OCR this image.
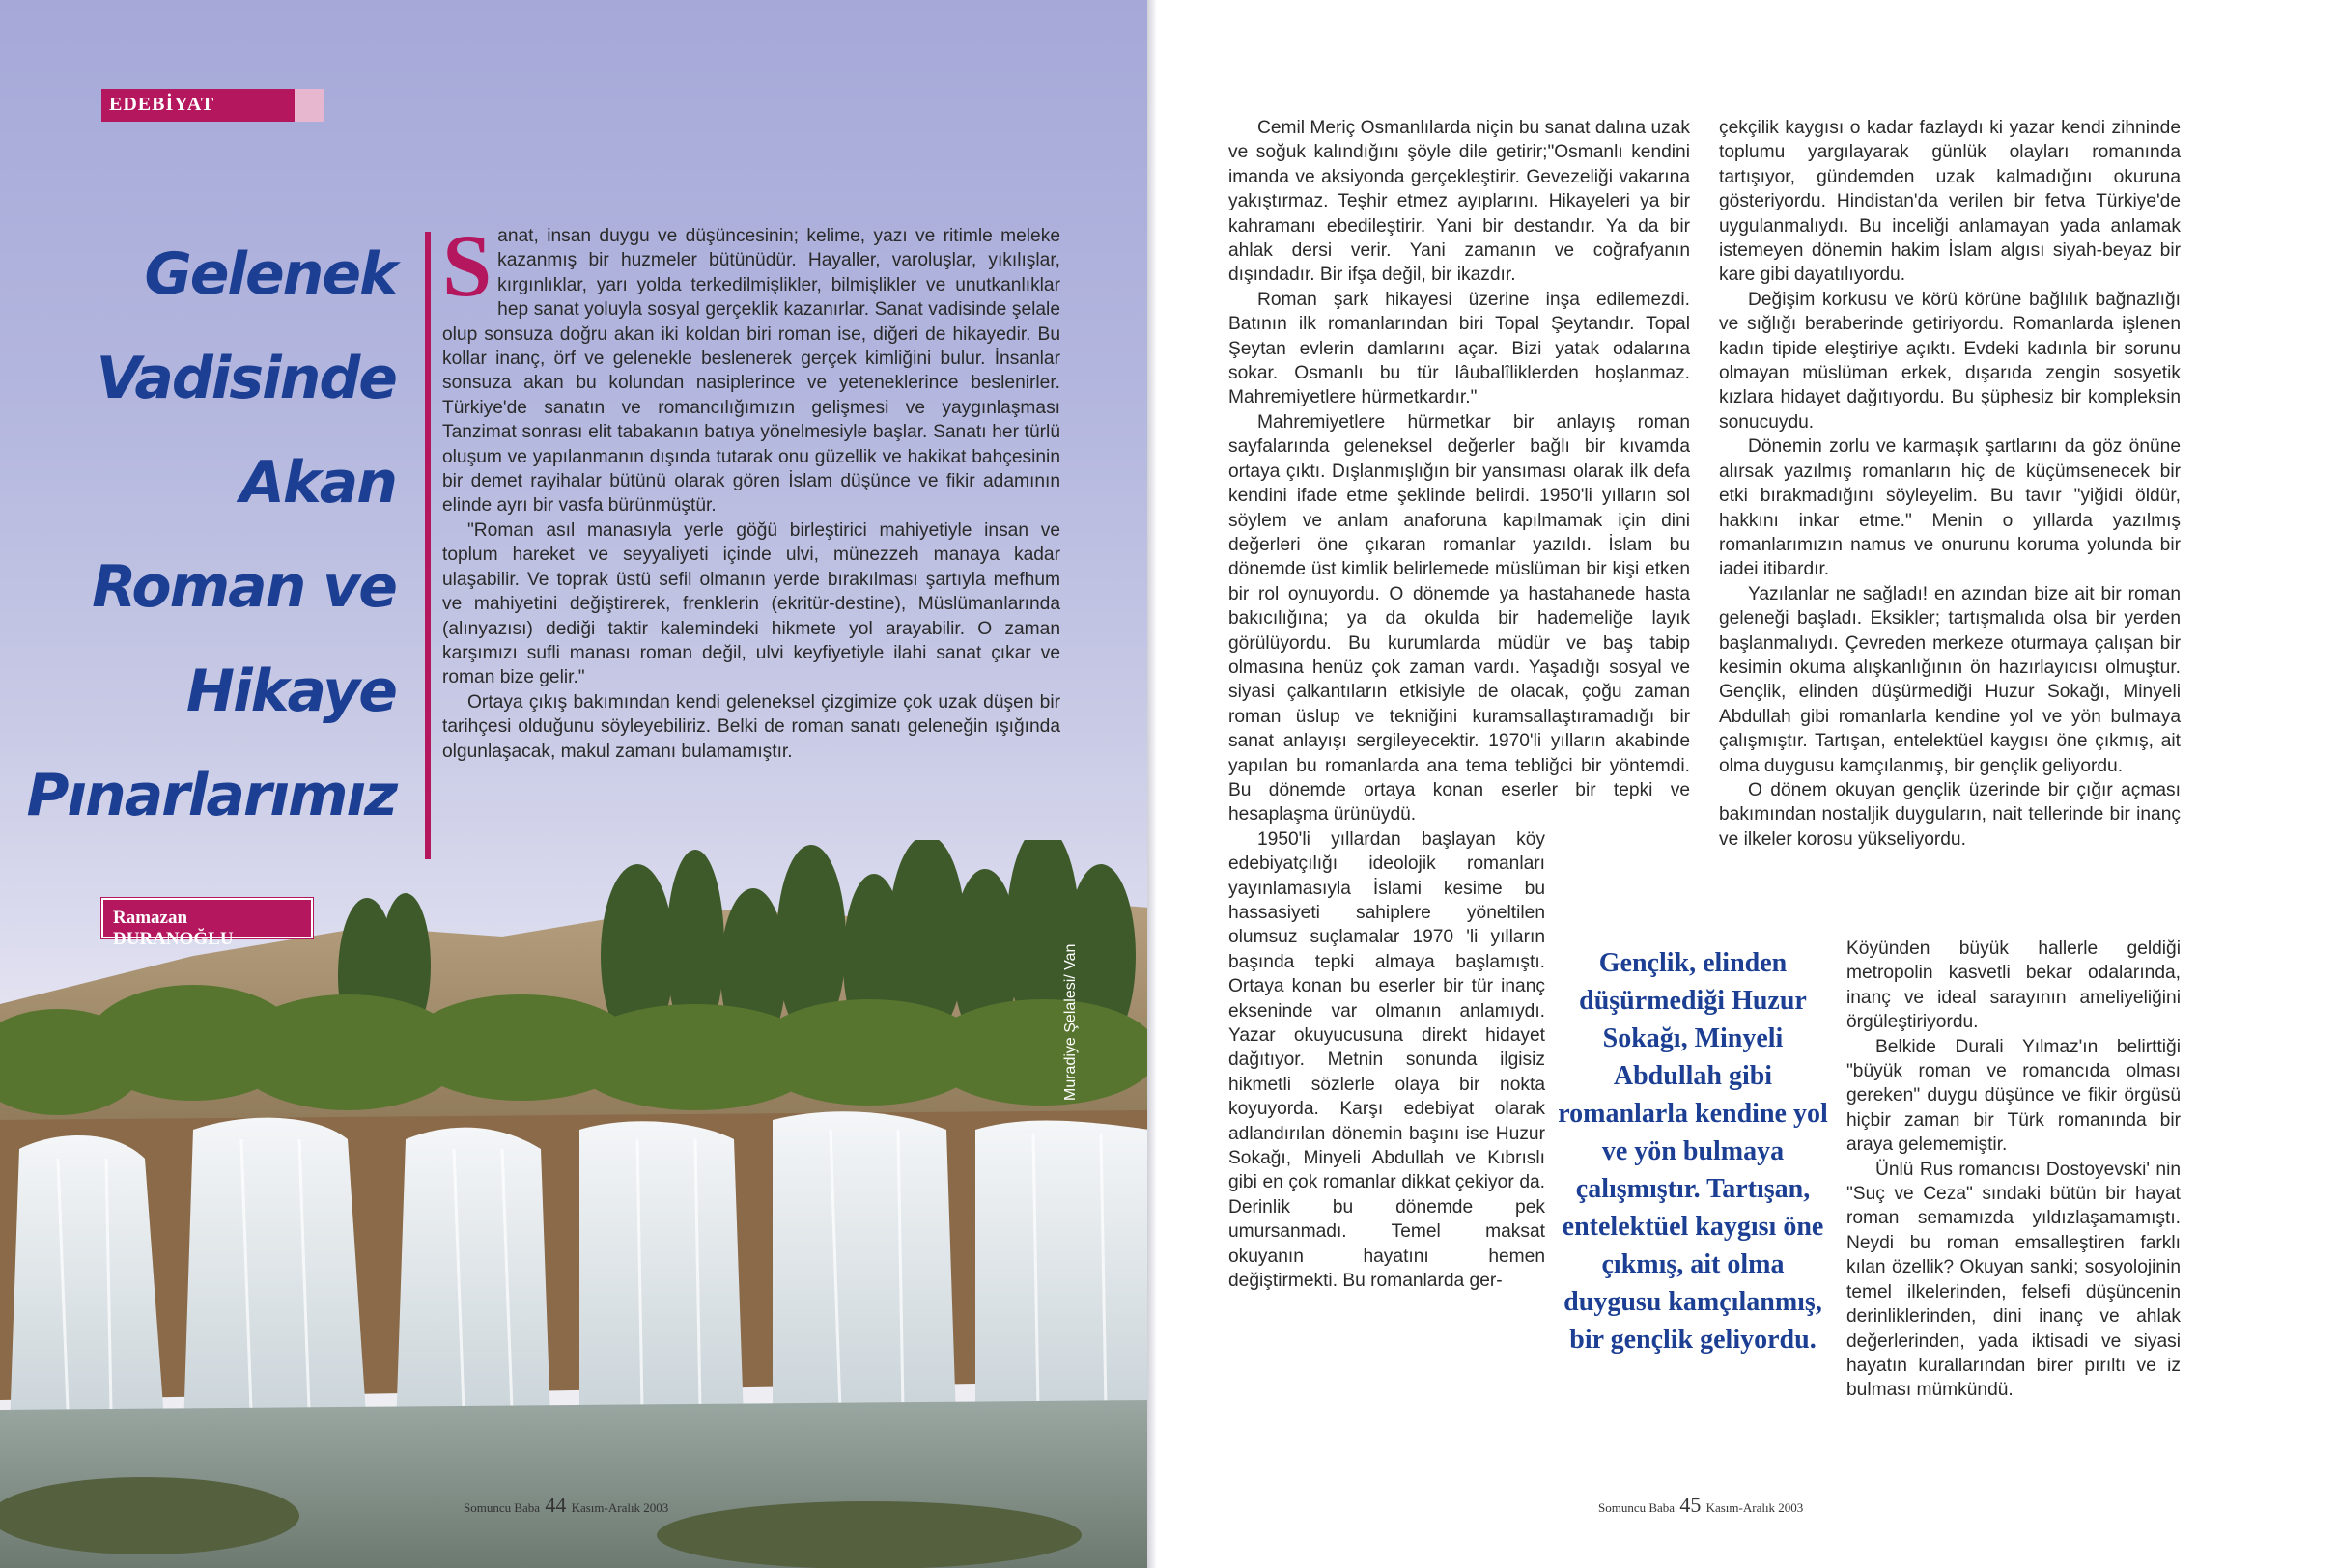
EDEBİYAT
Gelenek
Vadisinde
Akan
Roman ve
Hikaye
Pınarlarımız

Sanat, insan duygu ve düşüncesinin; kelime, yazı ve ritimle meleke kazanmış bir huzmeler bütünüdür. Hayaller, varoluşlar, yıkılışlar, kırgınlıklar, yarı yolda terkedilmişlikler, bilmişlikler ve unutkanlıklar hep sanat yoluyla sosyal gerçeklik kazanırlar. Sanat vadisinde şelale olup sonsuza doğru akan iki koldan biri roman ise, diğeri de hikayedir. Bu kollar inanç, örf ve gelenekle beslenerek gerçek kimliğini bulur. İnsanlar sonsuza akan bu kolundan nasiplerince ve yeteneklerince beslenirler. Türkiye'de sanatın ve romancılığımızın gelişmesi ve yaygınlaşması Tanzimat sonrası elit tabakanın batıya yönelmesiyle başlar. Sanatı her türlü oluşum ve yapılanmanın dışında tutarak onu güzellik ve hakikat bahçesinin bir demet rayihalar bütünü olarak gören İslam düşünce ve fikir adamının elinde ayrı bir vasfa bürünmüştür.

"Roman asıl manasıyla yerle göğü birleştirici mahiyetiyle insan ve toplum hareket ve seyyaliyeti içinde ulvi, münezzeh manaya kadar ulaşabilir. Ve toprak üstü sefil olmanın yerde bırakılması şartıyla mefhum ve mahiyetini değiştirerek, frenklerin (ekritür-destine), Müslümanlarında (alınyazısı) dediği taktir kalemindeki hikmete yol arayabilir. O zaman karşımızı sufli manası roman değil, ulvi keyfiyetiyle ilahi sanat çıkar ve roman bize gelir."

Ortaya çıkış bakımından kendi geleneksel çizgimize çok uzak düşen bir tarihçesi olduğunu söyleyebiliriz. Belki de roman sanatı geleneğin ışığında olgunlaşacak, makul zamanı bulamamıştır.

Ramazan DURANOĞLU
Muradiye Şelalesi/ Van
Somuncu Baba 44 Kasım-Aralık 2003

Cemil Meriç Osmanlılarda niçin bu sanat dalına uzak ve soğuk kalındığını şöyle dile getirir;"Osmanlı kendini imanda ve aksiyonda gerçekleştirir. Gevezeliği vakarına yakıştırmaz. Teşhir etmez ayıplarını. Hikayeleri ya bir kahramanı ebedileştirir. Yani bir destandır. Ya da bir ahlak dersi verir. Yani zamanın ve coğrafyanın dışındadır. Bir ifşa değil, bir ikazdır.

Roman şark hikayesi üzerine inşa edilemezdi. Batının ilk romanlarından biri Topal Şeytandır. Topal Şeytan evlerin damlarını açar. Bizi yatak odalarına sokar. Osmanlı bu tür lâubalîliklerden hoşlanmaz. Mahremiyetlere hürmetkardır."

Mahremiyetlere hürmetkar bir anlayış roman sayfalarında geleneksel değerler bağlı bir kıvamda ortaya çıktı. Dışlanmışlığın bir yansıması olarak ilk defa kendini ifade etme şeklinde belirdi. 1950'li yılların sol söylem ve anlam anaforuna kapılmamak için dini değerleri öne çıkaran romanlar yazıldı. İslam bu dönemde üst kimlik belirlemede müslüman bir kişi etken bir rol oynuyordu. O dönemde ya hastahanede hasta bakıcılığına; ya da okulda bir hademeliğe layık görülüyordu. Bu kurumlarda müdür ve baş tabip olmasına henüz çok zaman vardı. Yaşadığı sosyal ve siyasi çalkantıların etkisiyle de olacak, çoğu zaman roman üslup ve tekniğini kuramsallaştıramadığı bir sanat anlayışı sergileyecektir. 1970'li yılların akabinde yapılan bu romanlarda ana tema tebliğci bir yöntemdi. Bu dönemde ortaya konan eserler bir tepki ve hesaplaşma ürünüydü.

1950'li yıllardan başlayan köy edebiyatçılığı ideolojik romanları yayınlamasıyla İslami kesime bu hassasiyeti sahiplere yöneltilen olumsuz suçlamalar 1970 'li yılların başında tepki almaya başlamıştı. Ortaya konan bu eserler bir tür inanç ekseninde var olmanın anlamıydı. Yazar okuyucusuna direkt hidayet dağıtıyor. Metnin sonunda ilgisiz hikmetli sözlerle olaya bir nokta koyuyorda. Karşı edebiyat olarak adlandırılan dönemin başını ise Huzur Sokağı, Minyeli Abdullah ve Kıbrıslı gibi en çok romanlar dikkat çekiyor da. Derinlik bu dönemde pek umursanmadı. Temel maksat okuyanın hayatını hemen değiştirmekti. Bu romanlarda ger-

çekçilik kaygısı o kadar fazlaydı ki yazar kendi zihninde toplumu yargılayarak günlük olayları romanında tartışıyor, gündemden uzak kalmadığını okuruna gösteriyordu. Hindistan'da verilen bir fetva Türkiye'de uygulanmalıydı. Bu inceliği anlamayan yada anlamak istemeyen dönemin hakim İslam algısı siyah-beyaz bir kare gibi dayatılıyordu.

Değişim korkusu ve körü körüne bağlılık bağnazlığı ve sığlığı beraberinde getiriyordu. Romanlarda işlenen kadın tipide eleştiriye açıktı. Evdeki kadınla bir sorunu olmayan müslüman erkek, dışarıda zengin sosyetik kızlara hidayet dağıtıyordu. Bu şüphesiz bir kompleksin sonucuydu.

Dönemin zorlu ve karmaşık şartlarını da göz önüne alırsak yazılmış romanların hiç de küçümsenecek bir etki bırakmadığını söyleyelim. Bu tavır "yiğidi öldür, hakkını inkar etme." Menin o yıllarda yazılmış romanlarımızın namus ve onurunu koruma yolunda bir iadei itibardır.

Yazılanlar ne sağladı! en azından bize ait bir roman geleneği başladı. Eksikler; tartışmalıda olsa bir yerden başlanmalıydı. Çevreden merkeze oturmaya çalışan bir kesimin okuma alışkanlığının ön hazırlayıcısı olmuştur. Gençlik, elinden düşürmediği Huzur Sokağı, Minyeli Abdullah gibi romanlarla kendine yol ve yön bulmaya çalışmıştır. Tartışan, entelektüel kaygısı öne çıkmış, ait olma duygusu kamçılanmış, bir gençlik geliyordu.

O dönem okuyan gençlik üzerinde bir çığır açması bakımından nostaljik duyguların, nait tellerinde bir inanç ve ilkeler korosu yükseliyordu.

Köyünden büyük hallerle geldiği metropolin kasvetli bekar odalarında, inanç ve ideal sarayının ameliyeliğini örgüleştiriyordu.

Belkide Durali Yılmaz'ın belirttiği "büyük roman ve romancıda olması gereken" duygu düşünce ve fikir örgüsü hiçbir zaman bir Türk romanında bir araya gelememiştir.

Ünlü Rus romancısı Dostoyevski' nin "Suç ve Ceza" sındaki bütün bir hayat roman semamızda yıldızlaşamamıştı. Neydi bu roman emsalleştiren farklı kılan özellik? Okuyan sanki; sosyolojinin temel ilkelerinden, felsefi düşüncenin derinliklerinden, dini inanç ve ahlak değerlerinden, yada iktisadi ve siyasi hayatın kurallarından birer pırıltı ve iz bulması mümkündü.

Gençlik, elinden düşürmediği Huzur Sokağı, Minyeli Abdullah gibi romanlarla kendine yol ve yön bulmaya çalışmıştır. Tartışan, entelektüel kaygısı öne çıkmış, ait olma duygusu kamçılanmış, bir gençlik geliyordu.
Somuncu Baba 45 Kasım-Aralık 2003
